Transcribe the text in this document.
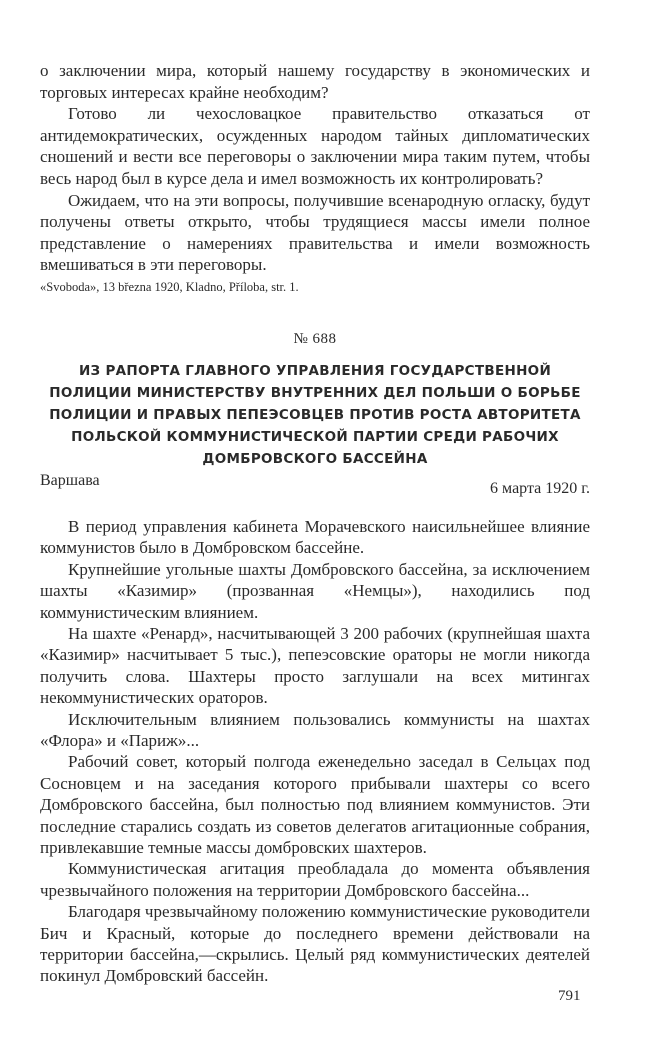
о заключении мира, который нашему государству в экономических и торговых интересах крайне необходим?

Готово ли чехословацкое правительство отказаться от антидемократических, осужденных народом тайных дипломатических сношений и вести все переговоры о заключении мира таким путем, чтобы весь народ был в курсе дела и имел возможность их контролировать?

Ожидаем, что на эти вопросы, получившие всенародную огласку, будут получены ответы открыто, чтобы трудящиеся массы имели полное представление о намерениях правительства и имели возможность вмешиваться в эти переговоры.

«Svoboda», 13 března 1920, Kladno, Příloba, str. 1.

№ 688
ИЗ РАПОРТА ГЛАВНОГО УПРАВЛЕНИЯ ГОСУДАРСТВЕННОЙ ПОЛИЦИИ МИНИСТЕРСТВУ ВНУТРЕННИХ ДЕЛ ПОЛЬШИ О БОРЬБЕ ПОЛИЦИИ И ПРАВЫХ ПЕПЕЭСОВЦЕВ ПРОТИВ РОСТА АВТОРИТЕТА ПОЛЬСКОЙ КОММУНИСТИЧЕСКОЙ ПАРТИИ СРЕДИ РАБОЧИХ ДОМБРОВСКОГО БАССЕЙНА
Варшава	6 марта 1920 г.

В период управления кабинета Морачевского наисильнейшее влияние коммунистов было в Домбровском бассейне.

Крупнейшие угольные шахты Домбровского бассейна, за исключением шахты «Казимир» (прозванная «Немцы»), находились под коммунистическим влиянием.

На шахте «Ренард», насчитывающей 3 200 рабочих (крупнейшая шахта «Казимир» насчитывает 5 тыс.), пепеэсовские ораторы не могли никогда получить слова. Шахтеры просто заглушали на всех митингах некоммунистических ораторов.

Исключительным влиянием пользовались коммунисты на шахтах «Флора» и «Париж»...

Рабочий совет, который полгода еженедельно заседал в Сельцах под Сосновцем и на заседания которого прибывали шахтеры со всего Домбровского бассейна, был полностью под влиянием коммунистов. Эти последние старались создать из советов делегатов агитационные собрания, привлекавшие темные массы домбровских шахтеров.

Коммунистическая агитация преобладала до момента объявления чрезвычайного положения на территории Домбровского бассейна...

Благодаря чрезвычайному положению коммунистические руководители Бич и Красный, которые до последнего времени действовали на территории бассейна,—скрылись. Целый ряд коммунистических деятелей покинул Домбровский бассейн.

791
